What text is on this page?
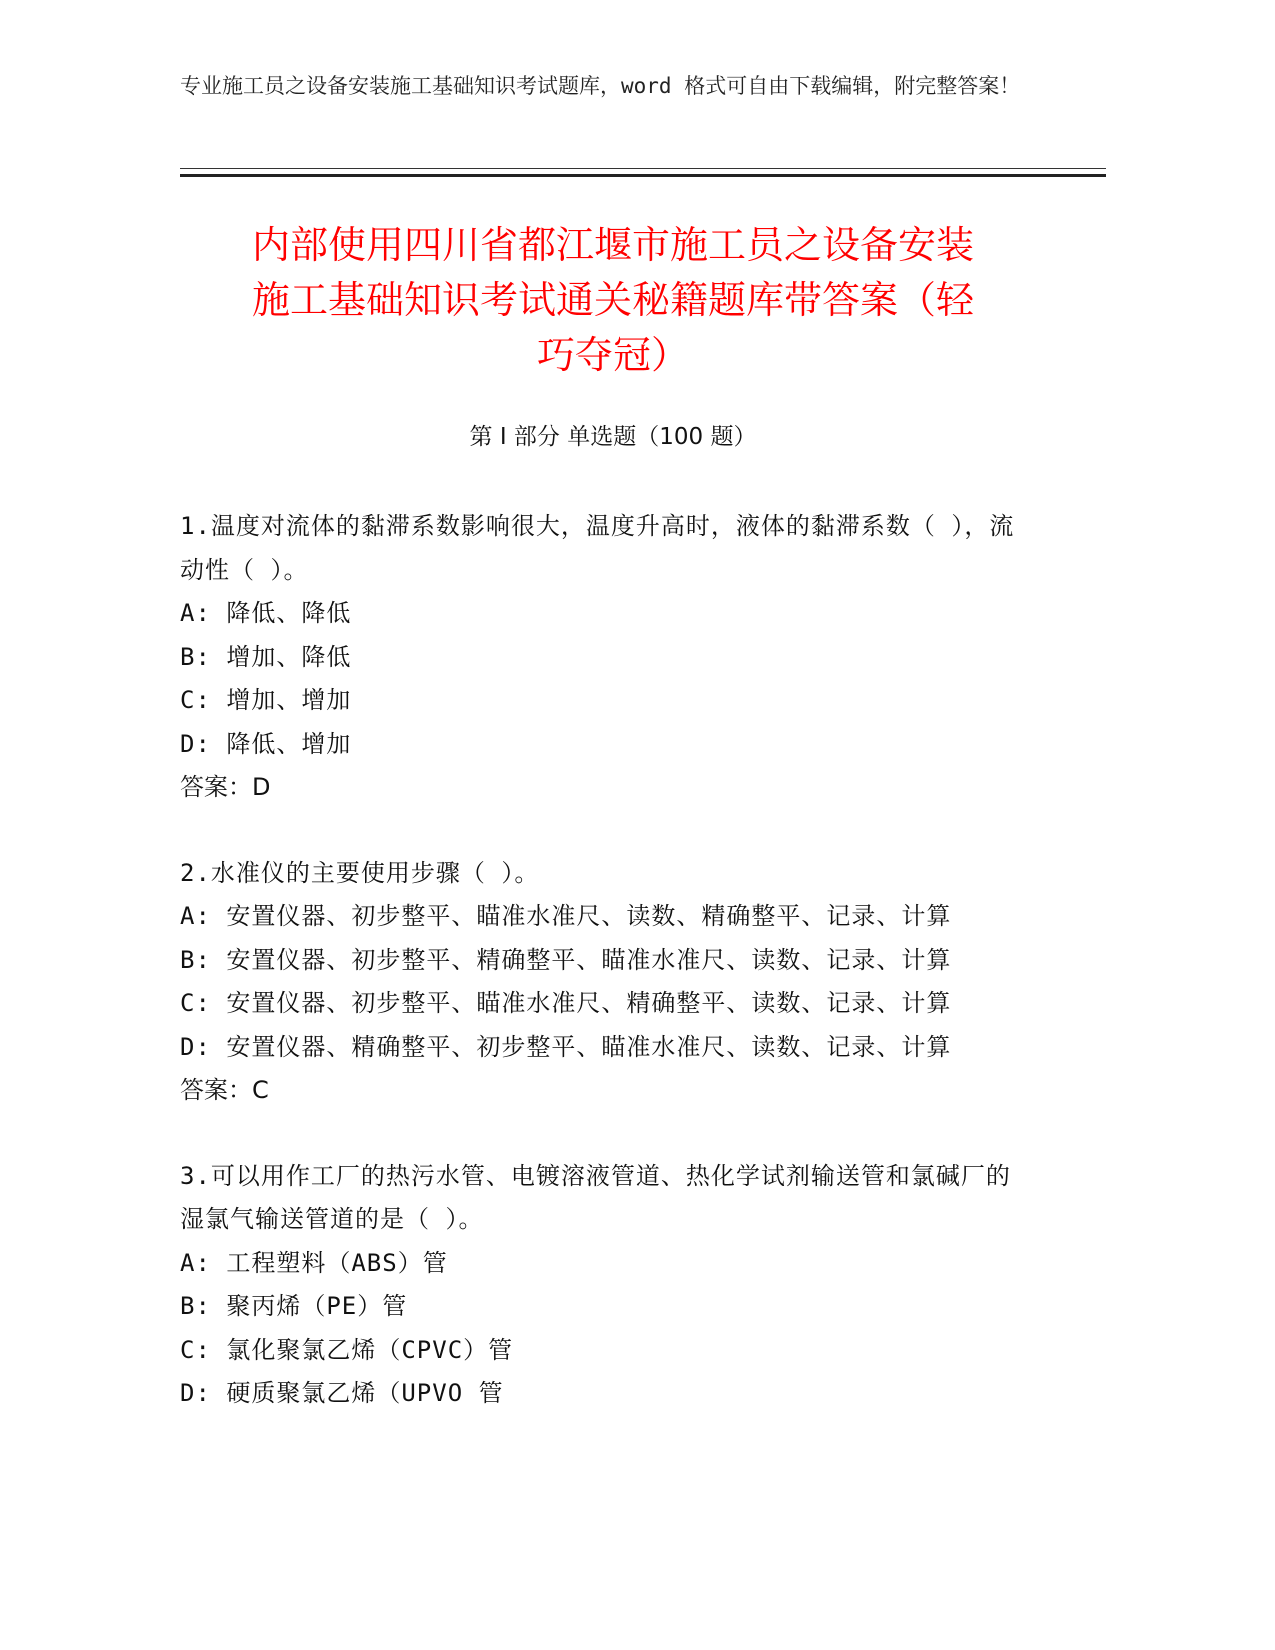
专业施工员之设备安装施工基础知识考试题库，word 格式可自由下载编辑，附完整答案！
内部使用四川省都江堰市施工员之设备安装
施工基础知识考试通关秘籍题库带答案（轻
巧夺冠）
第 I 部分 单选题（100 题）
1.温度对流体的黏滞系数影响很大，温度升高时，液体的黏滞系数（ ），流动性（ ）。
A: 降低、降低
B: 增加、降低
C: 增加、增加
D: 降低、增加
答案：D
2.水准仪的主要使用步骤（ ）。
A: 安置仪器、初步整平、瞄准水准尺、读数、精确整平、记录、计算
B: 安置仪器、初步整平、精确整平、瞄准水准尺、读数、记录、计算
C: 安置仪器、初步整平、瞄准水准尺、精确整平、读数、记录、计算
D: 安置仪器、精确整平、初步整平、瞄准水准尺、读数、记录、计算
答案：C
3.可以用作工厂的热污水管、电镀溶液管道、热化学试剂输送管和氯碱厂的湿氯气输送管道的是（ ）。
A: 工程塑料（ABS）管
B: 聚丙烯（PE）管
C: 氯化聚氯乙烯（CPVC）管
D: 硬质聚氯乙烯（UPVO 管
